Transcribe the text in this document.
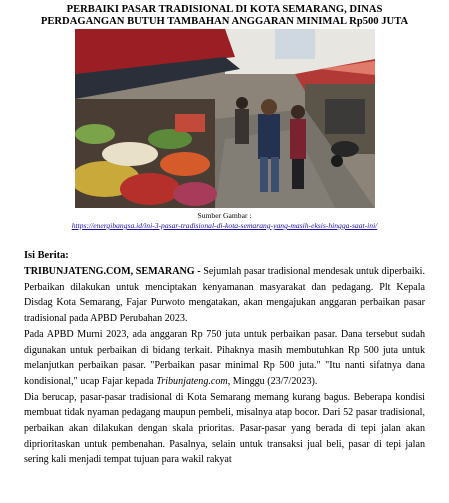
PERBAIKI PASAR TRADISIONAL DI KOTA SEMARANG, DINAS
PERDAGANGAN BUTUH TAMBAHAN ANGGARAN MINIMAL Rp500 JUTA
Sumber Gambar :
https://energibangsa.id/ini-3-pasar-tradisional-di-kota-semarang-yang-masih-eksis-hingga-saat-ini/
Isi Berita:

TRIBUNJATENG.COM, SEMARANG - Sejumlah pasar tradisional mendesak untuk diperbaiki. Perbaikan dilakukan untuk menciptakan kenyamanan masyarakat dan pedagang. Plt Kepala Disdag Kota Semarang, Fajar Purwoto mengatakan, akan mengajukan anggaran perbaikan pasar tradisional pada APBD Perubahan 2023.

Pada APBD Murni 2023, ada anggaran Rp 750 juta untuk perbaikan pasar. Dana tersebut sudah digunakan untuk perbaikan di bidang terkait. Pihaknya masih membutuhkan Rp 500 juta untuk melanjutkan perbaikan pasar. "Perbaikan pasar minimal Rp 500 juta." "Itu nanti sifatnya dana kondisional," ucap Fajar kepada Tribunjateng.com, Minggu (23/7/2023).

Dia berucap, pasar-pasar tradisional di Kota Semarang memang kurang bagus. Beberapa kondisi membuat tidak nyaman pedagang maupun pembeli, misalnya atap bocor. Dari 52 pasar tradisional, perbaikan akan dilakukan dengan skala prioritas. Pasar-pasar yang berada di tepi jalan akan diprioritaskan untuk pembenahan. Pasalnya, selain untuk transaksi jual beli, pasar di tepi jalan sering kali menjadi tempat tujuan para wakil rakyat
